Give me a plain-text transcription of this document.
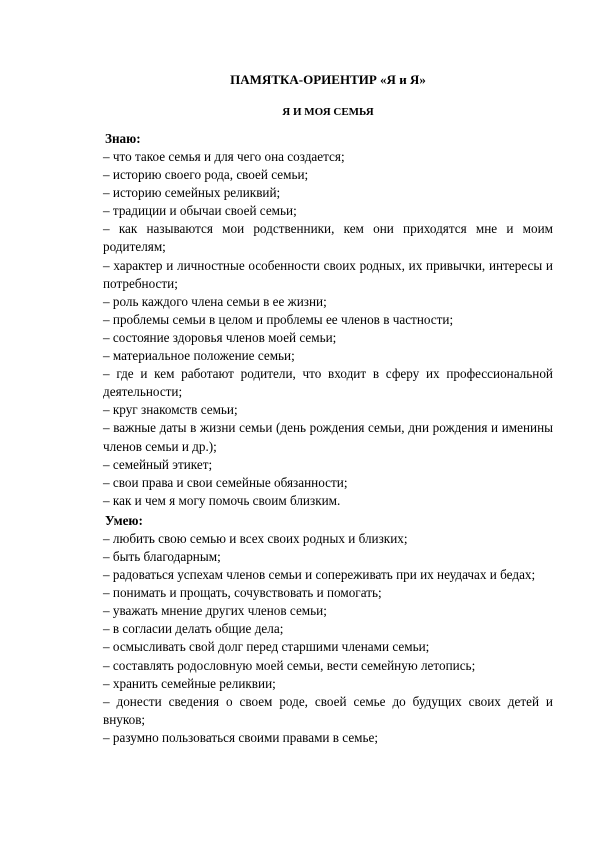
ПАМЯТКА-ОРИЕНТИР «Я и Я»

Я И МОЯ СЕМЬЯ

Знаю:

– что такое семья и для чего она создается;
– историю своего рода, своей семьи;
– историю семейных реликвий;
– традиции и обычаи своей семьи;
– как называются мои родственники, кем они приходятся мне и моим родителям;
– характер и личностные особенности своих родных, их привычки, интересы и потребности;
– роль каждого члена семьи в ее жизни;
– проблемы семьи в целом и проблемы ее членов в частности;
– состояние здоровья членов моей семьи;
– материальное положение семьи;
– где и кем работают родители, что входит в сферу их профессиональной деятельности;
– круг знакомств семьи;
– важные даты в жизни семьи (день рождения семьи, дни рождения и именины членов семьи и др.);
– семейный этикет;
– свои права и свои семейные обязанности;
– как и чем я могу помочь своим близким.

Умею:

– любить свою семью и всех своих родных и близких;
– быть благодарным;
– радоваться успехам членов семьи и сопереживать при их неудачах и бедах;
– понимать и прощать, сочувствовать и помогать;
– уважать мнение других членов семьи;
– в согласии делать общие дела;
– осмысливать свой долг перед старшими членами семьи;
– составлять родословную моей семьи, вести семейную летопись;
– хранить семейные реликвии;
– донести сведения о своем роде, своей семье до будущих своих детей и внуков;
– разумно пользоваться своими правами в семье;
